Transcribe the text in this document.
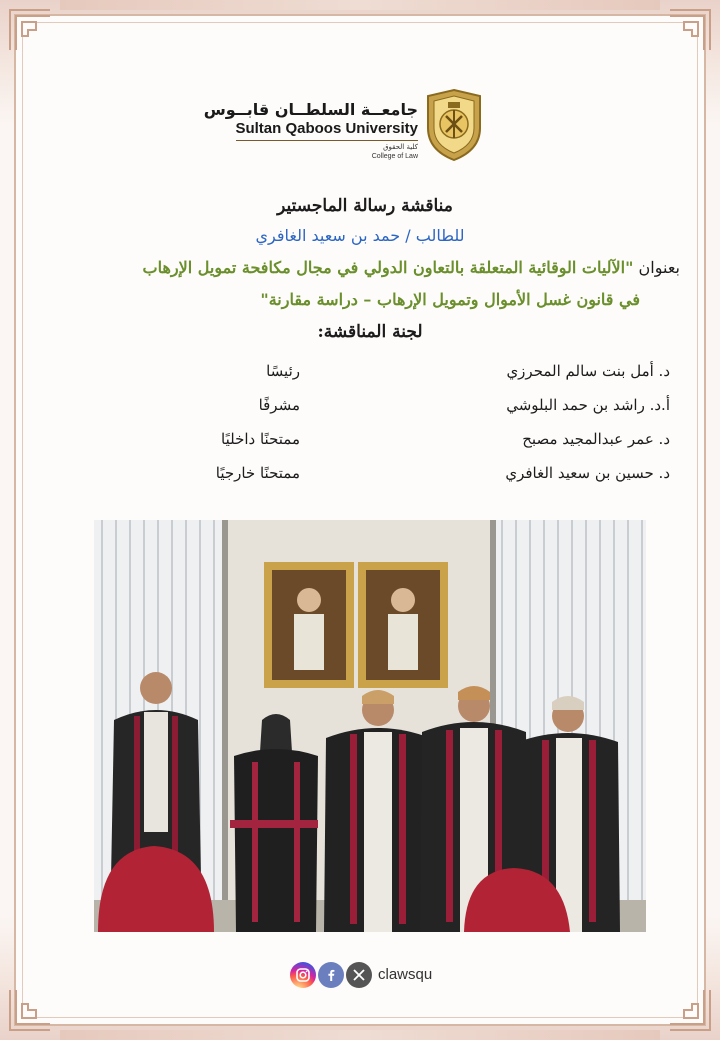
جامعــة السلطــان قابــوس
Sultan Qaboos University
كلية الحقوق
College of Law
مناقشة رسالة الماجستير
للطالب / حمد بن سعيد الغافري
بعنوان "الآليات الوقائية المتعلقة بالتعاون الدولي في مجال مكافحة تمويل الإرهاب
في قانون غسل الأموال وتمويل الإرهاب – دراسة مقارنة"
لجنة المناقشة:
د. أمل بنت سالم المحرزي
رئيسًا
أ.د. راشد بن حمد البلوشي
مشرفًا
د. عمر عبدالمجيد مصبح
ممتحنًا داخليًا
د. حسين بن سعيد الغافري
ممتحنًا خارجيًا
clawsqu
